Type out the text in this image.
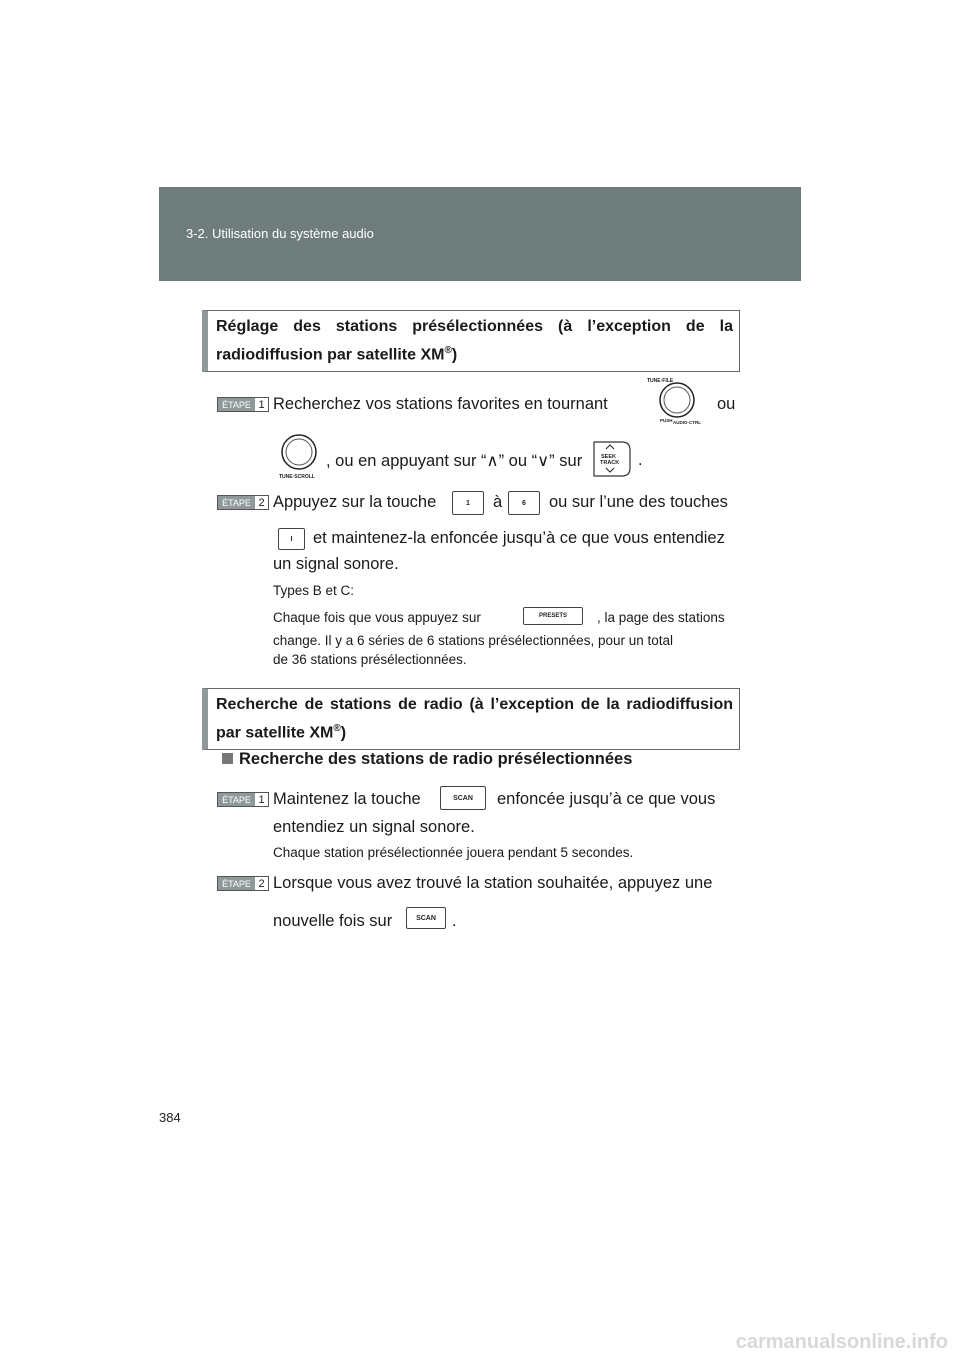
3-2. Utilisation du système audio
Réglage des stations présélectionnées (à l’exception de la radiodiffusion par satellite XM®)
ÉTAPE 1 Recherchez vos stations favorites en tournant
TUNE·FILE
PUSH AUDIO·CTRL
ou
TUNE·SCROLL
, ou en appuyant sur “∧” ou “∨” sur	SEEK
TRACK .
ÉTAPE 2 Appuyez sur la touche	1 à	6 ou sur l’une des touches
I et maintenez-la enfoncée jusqu’à ce que vous entendiez
un signal sonore.
Types B et C:
Chaque fois que vous appuyez sur	PRESETS , la page des stations
change. Il y a 6 séries de 6 stations présélectionnées, pour un total
de 36 stations présélectionnées.
Recherche de stations de radio (à l’exception de la radiodiffusion par satellite XM®)
Recherche des stations de radio présélectionnées
ÉTAPE 1 Maintenez la touche	SCAN enfoncée jusqu’à ce que vous
entendiez un signal sonore.
Chaque station présélectionnée jouera pendant 5 secondes.
ÉTAPE 2 Lorsque vous avez trouvé la station souhaitée, appuyez une
nouvelle fois sur	SCAN .
384
carmanualsonline.info
